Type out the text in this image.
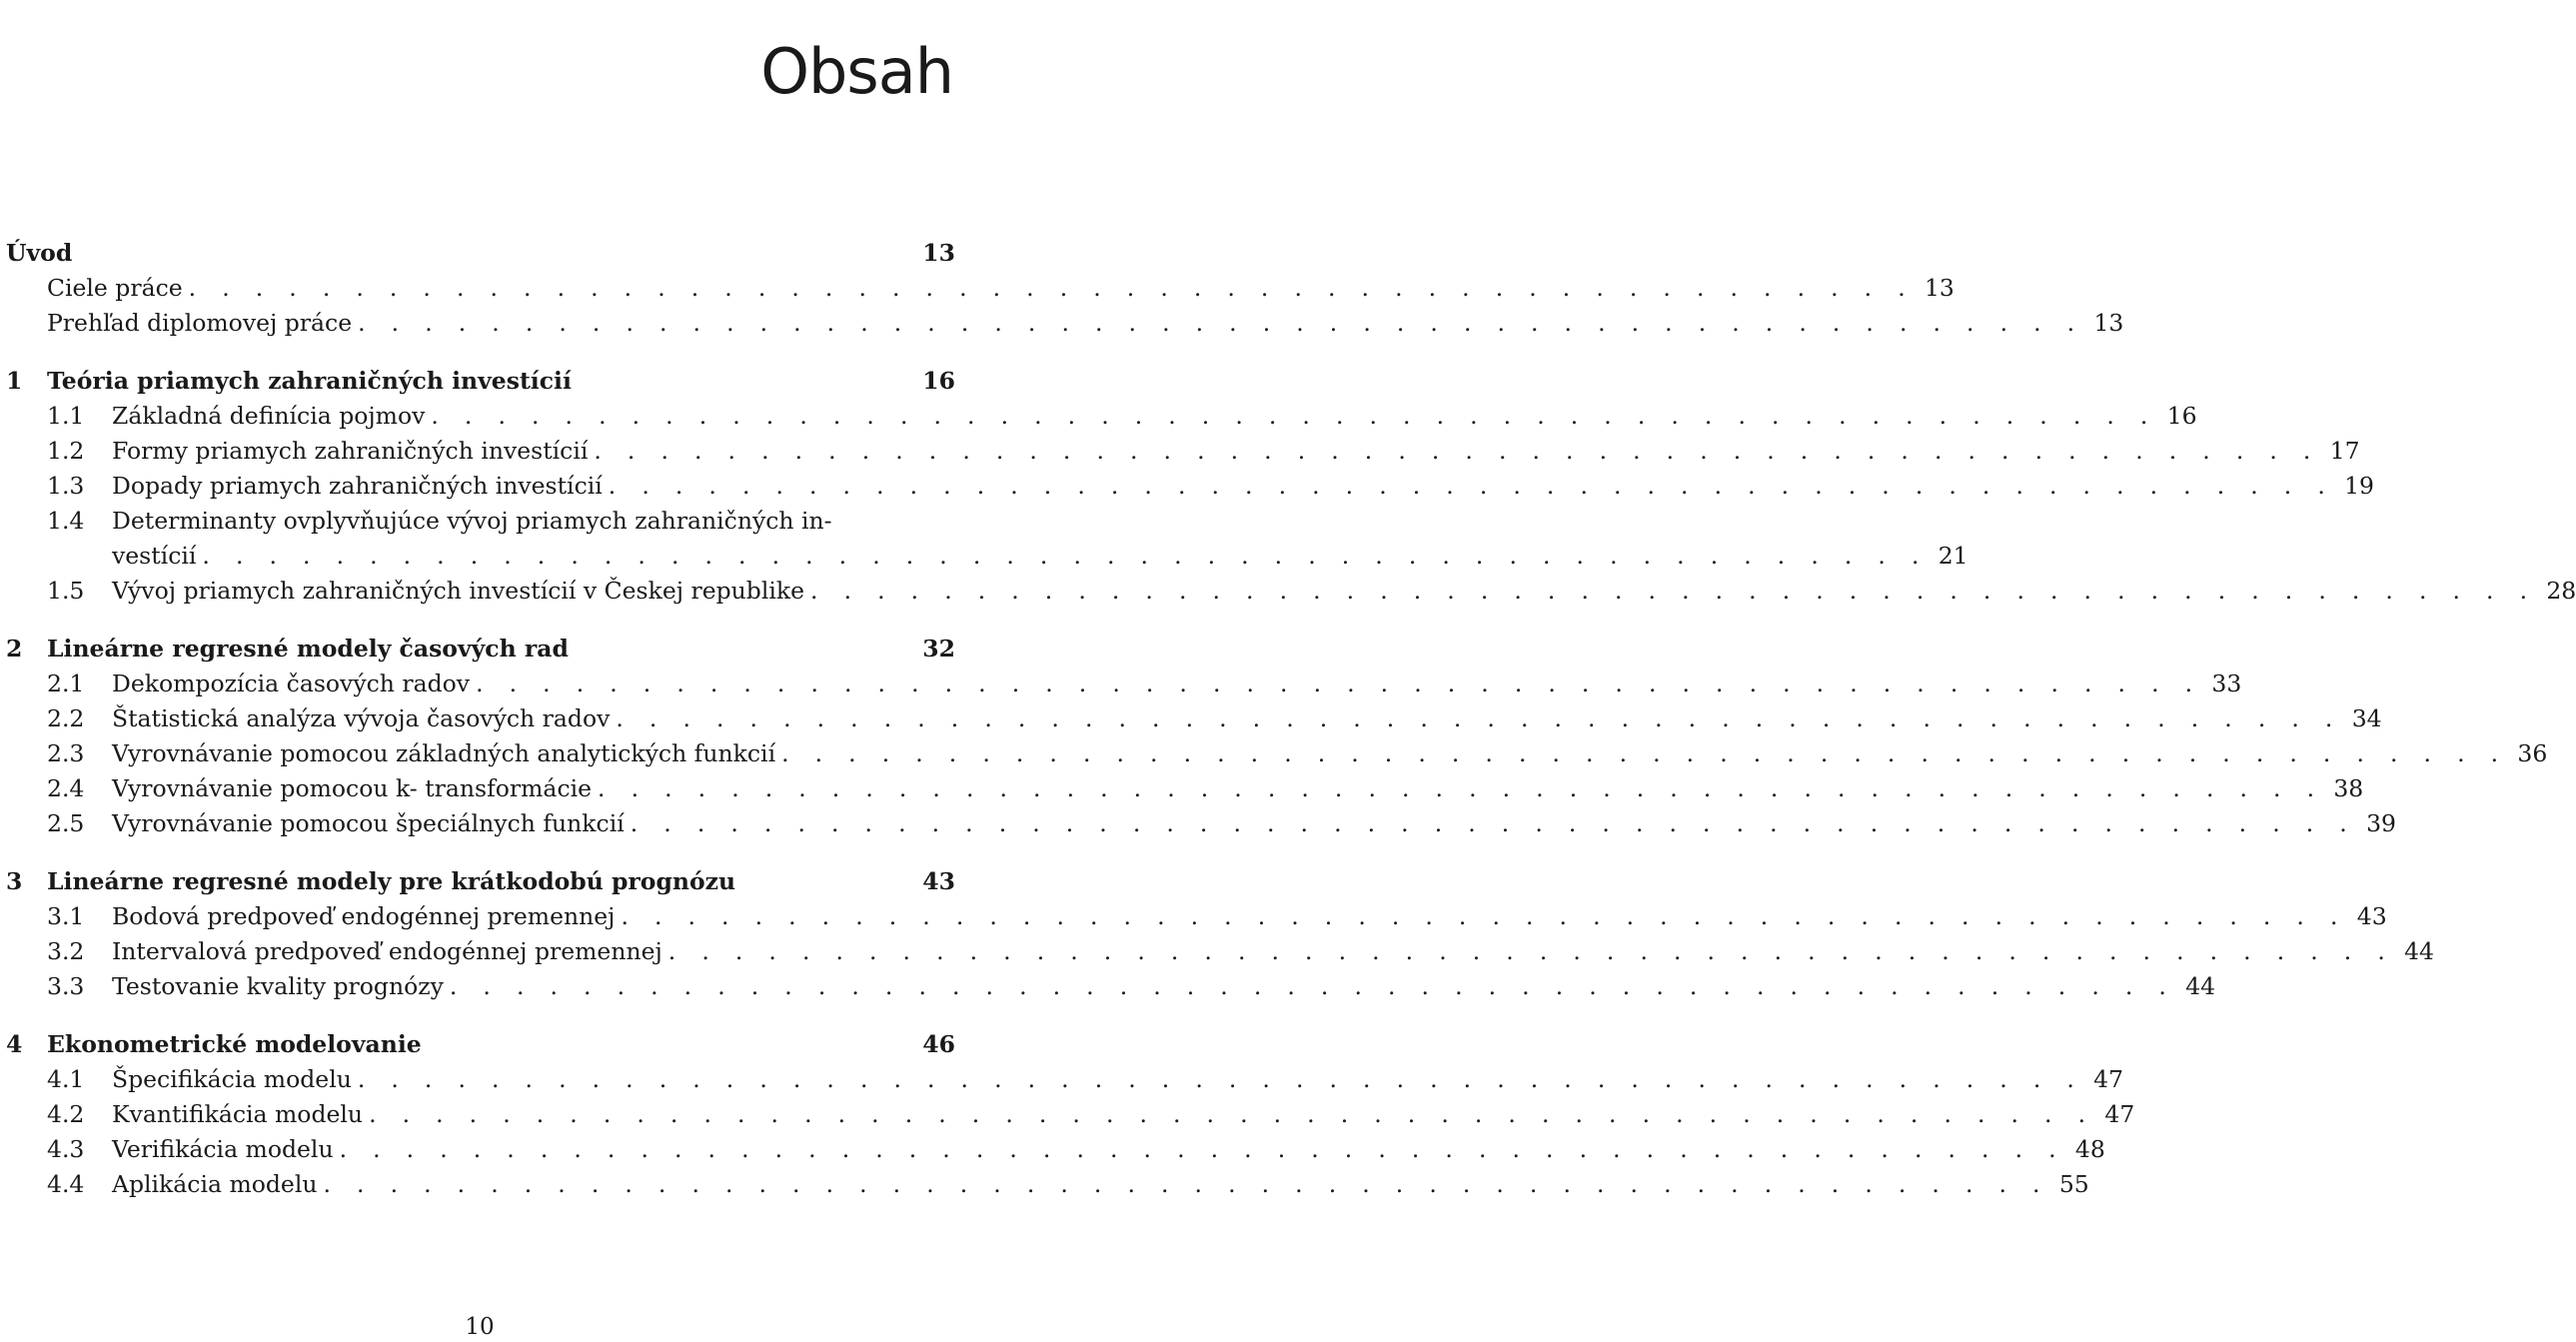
Obsah
Úvod	13
Ciele práce . . . . . . . . . . . . . . . . . . . . . . . . . . . . . . . . . . . . . . . . . . . . . . . . . . . . 13
Prehľad diplomovej práce . . . . . . . . . . . . . . . . . . . . . . . . . . . . . . . . . . . . . . . . . . . . . . . . . . . . 13
1	Teória priamych zahraničných investícií	16
1.1	Základná definícia pojmov . . . . . . . . . . . . . . . . . . . . . . . . . . . . . . . . . . . . . . . . . . . . . . . . . . . . 16
1.2	Formy priamych zahraničných investícií . . . . . . . . . . . . . . . . . . . . . . . . . . . . . . . . . . . . . . . . . . . . . . . . . . . . 17
1.3	Dopady priamych zahraničných investícií . . . . . . . . . . . . . . . . . . . . . . . . . . . . . . . . . . . . . . . . . . . . . . . . . . . . 19
1.4	Determinanty ovplyvňujúce vývoj priamych zahraničných in-
vestícií . . . . . . . . . . . . . . . . . . . . . . . . . . . . . . . . . . . . . . . . . . . . . . . . . . . . 21
1.5	Vývoj priamych zahraničných investícií v Českej republike . . . . . . . . . . . . . . . . . . . . . . . . . . . . . . . . . . . . . . . . . . . . . . . . . . . . 28
2	Lineárne regresné modely časových rad	32
2.1	Dekompozícia časových radov . . . . . . . . . . . . . . . . . . . . . . . . . . . . . . . . . . . . . . . . . . . . . . . . . . . . 33
2.2	Štatistická analýza vývoja časových radov . . . . . . . . . . . . . . . . . . . . . . . . . . . . . . . . . . . . . . . . . . . . . . . . . . . . 34
2.3	Vyrovnávanie pomocou základných analytických funkcií . . . . . . . . . . . . . . . . . . . . . . . . . . . . . . . . . . . . . . . . . . . . . . . . . . . . 36
2.4	Vyrovnávanie pomocou k- transformácie . . . . . . . . . . . . . . . . . . . . . . . . . . . . . . . . . . . . . . . . . . . . . . . . . . . . 38
2.5	Vyrovnávanie pomocou špeciálnych funkcií . . . . . . . . . . . . . . . . . . . . . . . . . . . . . . . . . . . . . . . . . . . . . . . . . . . . 39
3	Lineárne regresné modely pre krátkodobú prognózu	43
3.1	Bodová predpoveď endogénnej premennej . . . . . . . . . . . . . . . . . . . . . . . . . . . . . . . . . . . . . . . . . . . . . . . . . . . . 43
3.2	Intervalová predpoveď endogénnej premennej . . . . . . . . . . . . . . . . . . . . . . . . . . . . . . . . . . . . . . . . . . . . . . . . . . . . 44
3.3	Testovanie kvality prognózy . . . . . . . . . . . . . . . . . . . . . . . . . . . . . . . . . . . . . . . . . . . . . . . . . . . . 44
4	Ekonometrické modelovanie	46
4.1	Špecifikácia modelu . . . . . . . . . . . . . . . . . . . . . . . . . . . . . . . . . . . . . . . . . . . . . . . . . . . . 47
4.2	Kvantifikácia modelu . . . . . . . . . . . . . . . . . . . . . . . . . . . . . . . . . . . . . . . . . . . . . . . . . . . . 47
4.3	Verifikácia modelu . . . . . . . . . . . . . . . . . . . . . . . . . . . . . . . . . . . . . . . . . . . . . . . . . . . . 48
4.4	Aplikácia modelu . . . . . . . . . . . . . . . . . . . . . . . . . . . . . . . . . . . . . . . . . . . . . . . . . . . . 55
10
